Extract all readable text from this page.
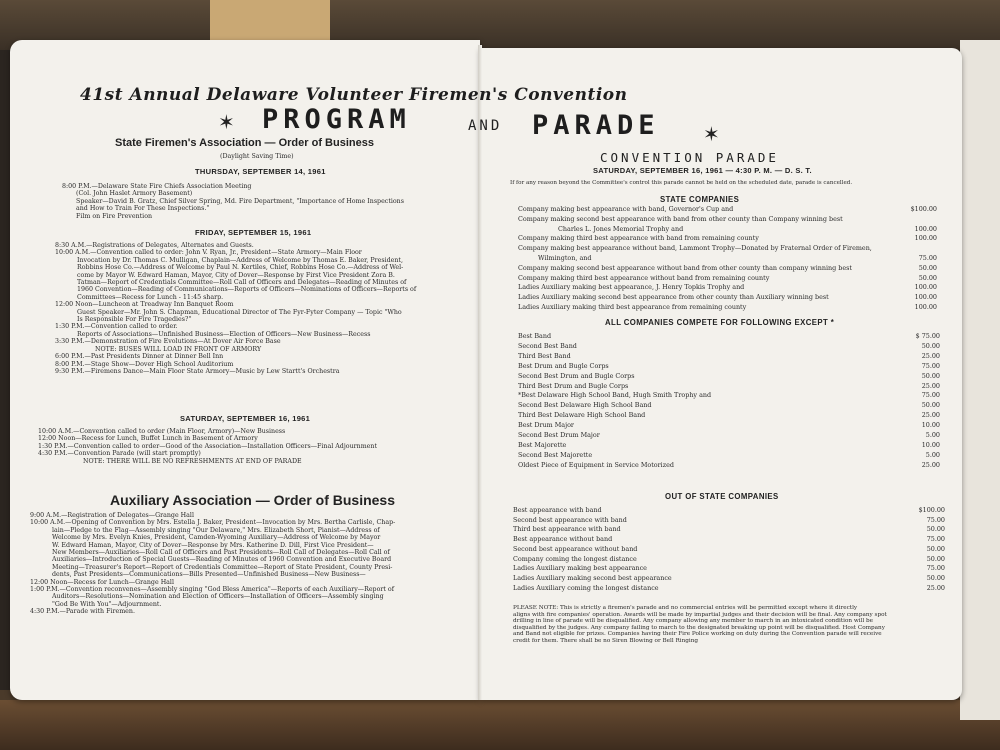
41st Annual Delaware Volunteer Firemen's Convention
✶ PROGRAM	AND PARADE ✶
State Firemen's Association — Order of Business
(Daylight Saving Time)
THURSDAY, SEPTEMBER 14, 1961
8:00 P.M.—Delaware State Fire Chiefs Association Meeting
(Col. John Haslet Armory Basement)
Speaker—David B. Gratz, Chief Silver Spring, Md. Fire Department, "Importance of Home Inspections
and How to Train For These Inspections."
Film on Fire Prevention
FRIDAY, SEPTEMBER 15, 1961
8:30 A.M.—Registrations of Delegates, Alternates and Guests.
10:00 A.M.—Convention called to order: John V. Ryan, Jr., President—State Armory—Main Floor
Invocation by Dr. Thomas C. Mulligan, Chaplain—Address of Welcome by Thomas E. Baker, President,
Robbins Hose Co.—Address of Welcome by Paul N. Kertiles, Chief, Robbins Hose Co.—Address of Wel-
come by Mayor W. Edward Haman, Mayor, City of Dover—Response by First Vice President Zora B.
Tatman—Report of Credentials Committee—Roll Call of Officers and Delegates—Reading of Minutes of
1960 Convention—Reading of Communications—Reports of Officers—Nominations of Officers—Reports of
Committees—Recess for Lunch - 11:45 sharp.
12:00 Noon—Luncheon at Treadway Inn Banquet Room
Guest Speaker—Mr. John S. Chapman, Educational Director of The Fyr-Fyter Company — Topic "Who
Is Responsible For Fire Tragedies?"
1:30 P.M.—Convention called to order.
Reports of Associations—Unfinished Business—Election of Officers—New Business—Recess
3:30 P.M.—Demonstration of Fire Evolutions—At Dover Air Force Base
NOTE: BUSES WILL LOAD IN FRONT OF ARMORY
6:00 P.M.—Past Presidents Dinner at Dinner Bell Inn
8:00 P.M.—Stage Show—Dover High School Auditorium
9:30 P.M.—Firemens Dance—Main Floor State Armory—Music by Lew Startt's Orchestra
SATURDAY, SEPTEMBER 16, 1961
10:00 A.M.—Convention called to order (Main Floor, Armory)—New Business
12:00 Noon—Recess for Lunch, Buffet Lunch in Basement of Armory
1:30 P.M.—Convention called to order—Good of the Association—Installation Officers—Final Adjournment
4:30 P.M.—Convention Parade (will start promptly)
NOTE: THERE WILL BE NO REFRESHMENTS AT END OF PARADE
Auxiliary Association — Order of Business
9:00 A.M.—Registration of Delegates—Grange Hall
10:00 A.M.—Opening of Convention by Mrs. Estella J. Baker, President—Invocation by Mrs. Bertha Carlisle, Chap-
lain—Pledge to the Flag—Assembly singing "Our Delaware," Mrs. Elizabeth Short, Pianist—Address of
Welcome by Mrs. Evelyn Knies, President, Camden-Wyoming Auxiliary—Address of Welcome by Mayor
W. Edward Haman, Mayor, City of Dover—Response by Mrs. Katherine D. Dill, First Vice President—
New Members—Auxiliaries—Roll Call of Officers and Past Presidents—Roll Call of Delegates—Roll Call of
Auxiliaries—Introduction of Special Guests—Reading of Minutes of 1960 Convention and Executive Board
Meeting—Treasurer's Report—Report of Credentials Committee—Report of State President, County Presi-
dents, Past Presidents—Communications—Bills Presented—Unfinished Business—New Business—
12:00 Noon—Recess for Lunch—Grange Hall
1:00 P.M.—Convention reconvenes—Assembly singing "God Bless America"—Reports of each Auxiliary—Report of
Auditors—Resolutions—Nomination and Election of Officers—Installation of Officers—Assembly singing
"God Be With You"—Adjournment.
4:30 P.M.—Parade with Firemen.
CONVENTION PARADE
SATURDAY, SEPTEMBER 16, 1961 — 4:30 P. M. — D. S. T.
If for any reason beyond the Committee's control this parade cannot be held on the scheduled date, parade is cancelled.
STATE COMPANIES
Company making best appearance with band, Governor's Cup and	$100.00
Company making second best appearance with band from other county than Company winning best
Charles L. Jones Memorial Trophy and	100.00
Company making third best appearance with band from remaining county	100.00
Company making best appearance without band, Lammont Trophy—Donated by Fraternal Order of Firemen,
Wilmington, and	75.00
Company making second best appearance without band from other county than company winning best	50.00
Company making third best appearance without band from remaining county	50.00
Ladies Auxiliary making best appearance, J. Henry Topkis Trophy and	100.00
Ladies Auxiliary making second best appearance from other county than Auxiliary winning best	100.00
Ladies Auxiliary making third best appearance from remaining county	100.00
ALL COMPANIES COMPETE FOR FOLLOWING EXCEPT *
Best Band	$ 75.00
Second Best Band	50.00
Third Best Band	25.00
Best Drum and Bugle Corps	75.00
Second Best Drum and Bugle Corps	50.00
Third Best Drum and Bugle Corps	25.00
*Best Delaware High School Band, Hugh Smith Trophy and	75.00
Second Best Delaware High School Band	50.00
Third Best Delaware High School Band	25.00
Best Drum Major	10.00
Second Best Drum Major	5.00
Best Majorette	10.00
Second Best Majorette	5.00
Oldest Piece of Equipment in Service Motorized	25.00
OUT OF STATE COMPANIES
Best appearance with band	$100.00
Second best appearance with band	75.00
Third best appearance with band	50.00
Best appearance without band	75.00
Second best appearance without band	50.00
Company coming the longest distance	50.00
Ladies Auxiliary making best appearance	75.00
Ladies Auxiliary making second best appearance	50.00
Ladies Auxiliary coming the longest distance	25.00
PLEASE NOTE: This is strictly a firemen's parade and no commercial entries will be permitted except where it directly
aligns with fire companies' operation. Awards will be made by impartial judges and their decision will be final. Any company spot
drilling in line of parade will be disqualified. Any company allowing any member to march in an intoxicated condition will be
disqualified by the judges. Any company failing to march to the designated breaking up point will be disqualified. Host Company
and Band not eligible for prizes. Companies having their Fire Police working on duty during the Convention parade will receive
credit for them. There shall be no Siren Blowing or Bell Ringing
